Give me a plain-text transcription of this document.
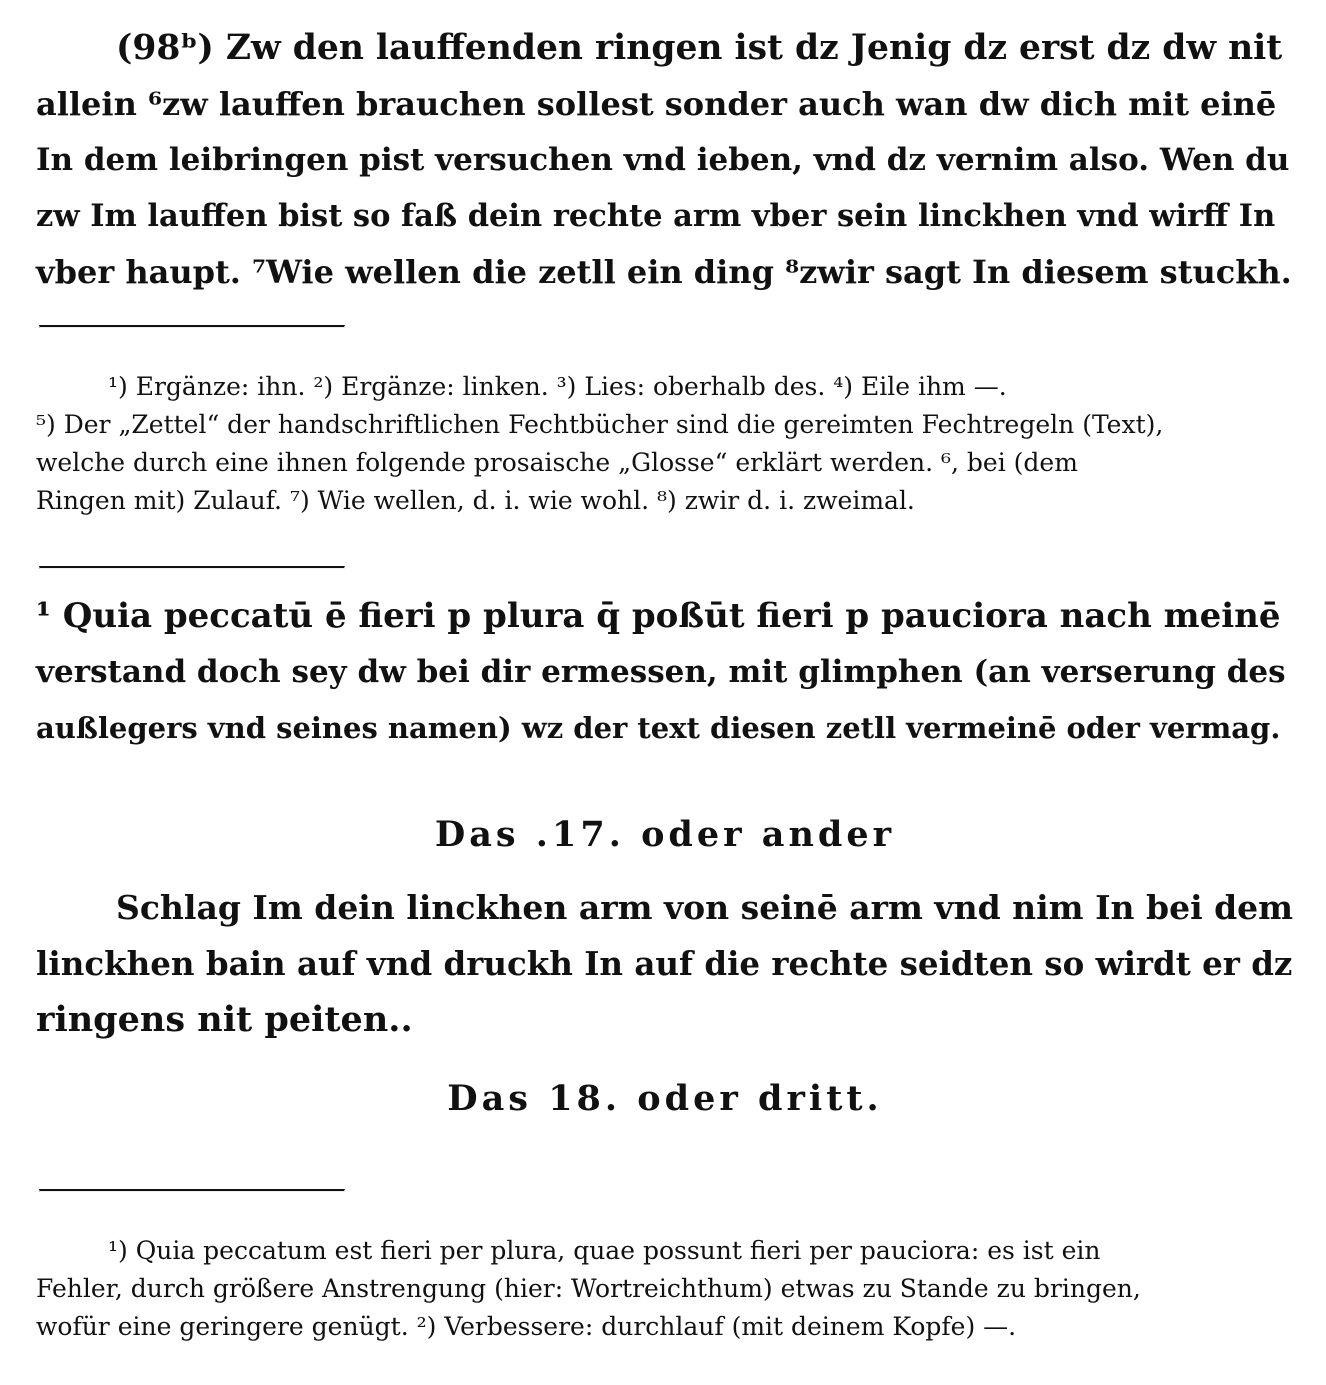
(98ᵇ) Zw den lauffenden ringen ist dz Jenig dz erst dz dw nit
allein ⁶zw lauffen brauchen sollest sonder auch wan dw dich mit einē
In dem leibringen pist versuchen vnd ieben, vnd dz vernim also. Wen du
zw Im lauffen bist so faß dein rechte arm vber sein linckhen vnd wirff In
vber haupt. ⁷Wie wellen die zetll ein ding ⁸zwir sagt In diesem stuckh.

¹) Ergänze: ihn. ²) Ergänze: linken. ³) Lies: oberhalb des. ⁴) Eile ihm —.
⁵) Der „Zettel“ der handschriftlichen Fechtbücher sind die gereimten Fechtregeln (Text),
welche durch eine ihnen folgende prosaische „Glosse“ erklärt werden. ⁶, bei (dem
Ringen mit) Zulauf. ⁷) Wie wellen, d. i. wie wohl. ⁸) zwir d. i. zweimal.

¹ Quia peccatū ē fieri p plura q̄ poßūt fieri p pauciora nach meinē
verstand doch sey dw bei dir ermessen, mit glimphen (an verserung des
außlegers vnd seines namen) wz der text diesen zetll vermeinē oder vermag.

Das .17. oder ander

Schlag Im dein linckhen arm von seinē arm vnd nim In bei dem
linckhen bain auf vnd druckh In auf die rechte seidten so wirdt er dz
ringens nit peiten..

Das 18. oder dritt.
¹) Quia peccatum est fieri per plura, quae possunt fieri per pauciora: es ist ein
Fehler, durch größere Anstrengung (hier: Wortreichthum) etwas zu Stande zu bringen,
wofür eine geringere genügt. ²) Verbessere: durchlauf (mit deinem Kopfe) —.
